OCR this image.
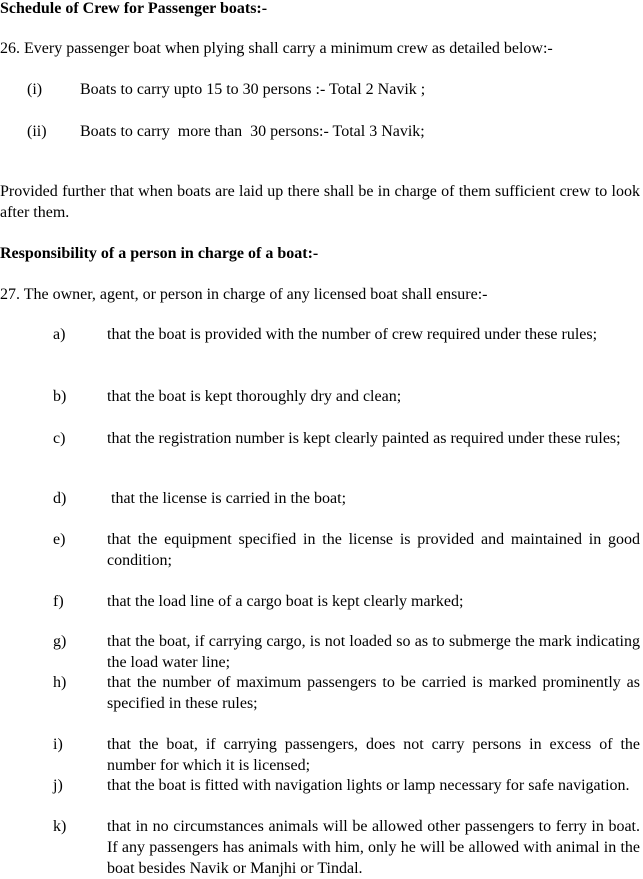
Schedule of Crew for Passenger boats:-
26. Every passenger boat when plying shall carry a minimum crew as detailed below:-
(i) Boats to carry upto 15 to 30 persons :- Total 2 Navik ;
(ii) Boats to carry  more than  30 persons:- Total 3 Navik;
Provided further that when boats are laid up there shall be in charge of them sufficient crew to look after them.
Responsibility of a person in charge of a boat:-
27. The owner, agent, or person in charge of any licensed boat shall ensure:-
a)	that the boat is provided with the number of crew required under these rules;
b)	that the boat is kept thoroughly dry and clean;
c)	that the registration number is kept clearly painted as required under these rules;
d)	that the license is carried in the boat;
e)	that the equipment specified in the license is provided and maintained in good condition;
f)	that the load line of a cargo boat is kept clearly marked;
g)	that the boat, if carrying cargo, is not loaded so as to submerge the mark indicating the load water line;
h)	that the number of maximum passengers to be carried is marked prominently as specified in these rules;
i)	that the boat, if carrying passengers, does not carry persons in excess of the number for which it is licensed;
j)	that the boat is fitted with navigation lights or lamp necessary for safe navigation.
k)	that in no circumstances animals will be allowed other passengers to ferry in boat. If any passengers has animals with him, only he will be allowed with animal in the boat besides Navik or Manjhi or Tindal.
